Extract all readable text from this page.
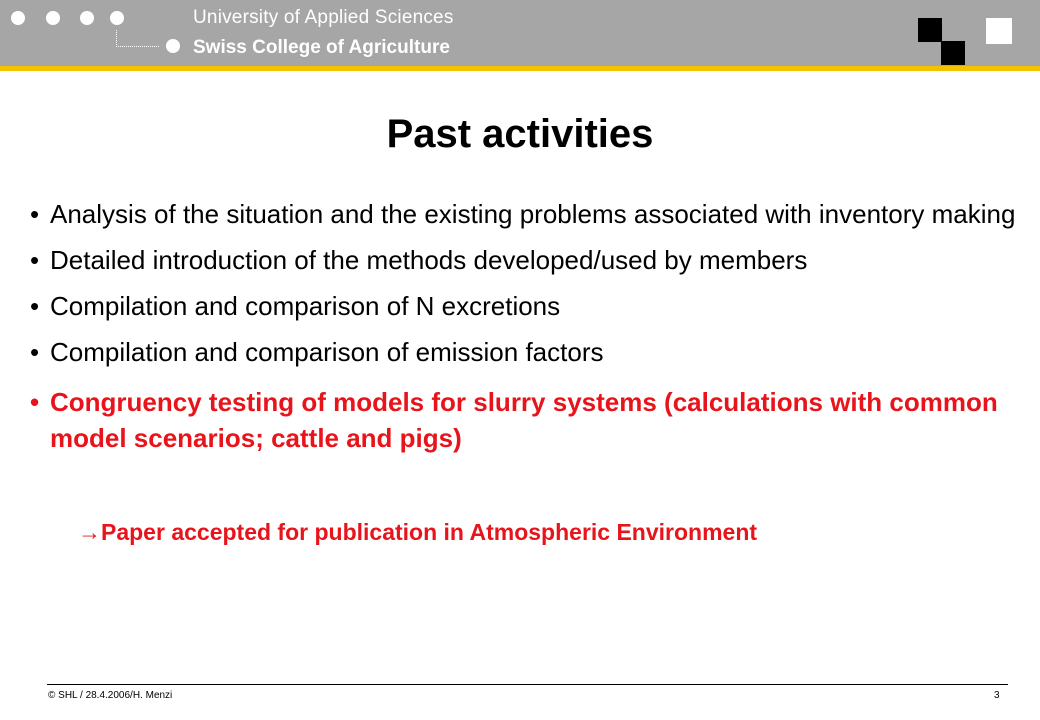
University of Applied Sciences
Swiss College of Agriculture
Past activities
• Analysis of the situation and the existing problems associated with inventory making
• Detailed introduction of the methods developed/used by members
• Compilation and comparison of N excretions
• Compilation and comparison of emission factors
• Congruency testing of models for slurry systems (calculations with common model scenarios; cattle and pigs)
→Paper accepted for publication in Atmospheric Environment
© SHL / 28.4.2006/H. Menzi	3
